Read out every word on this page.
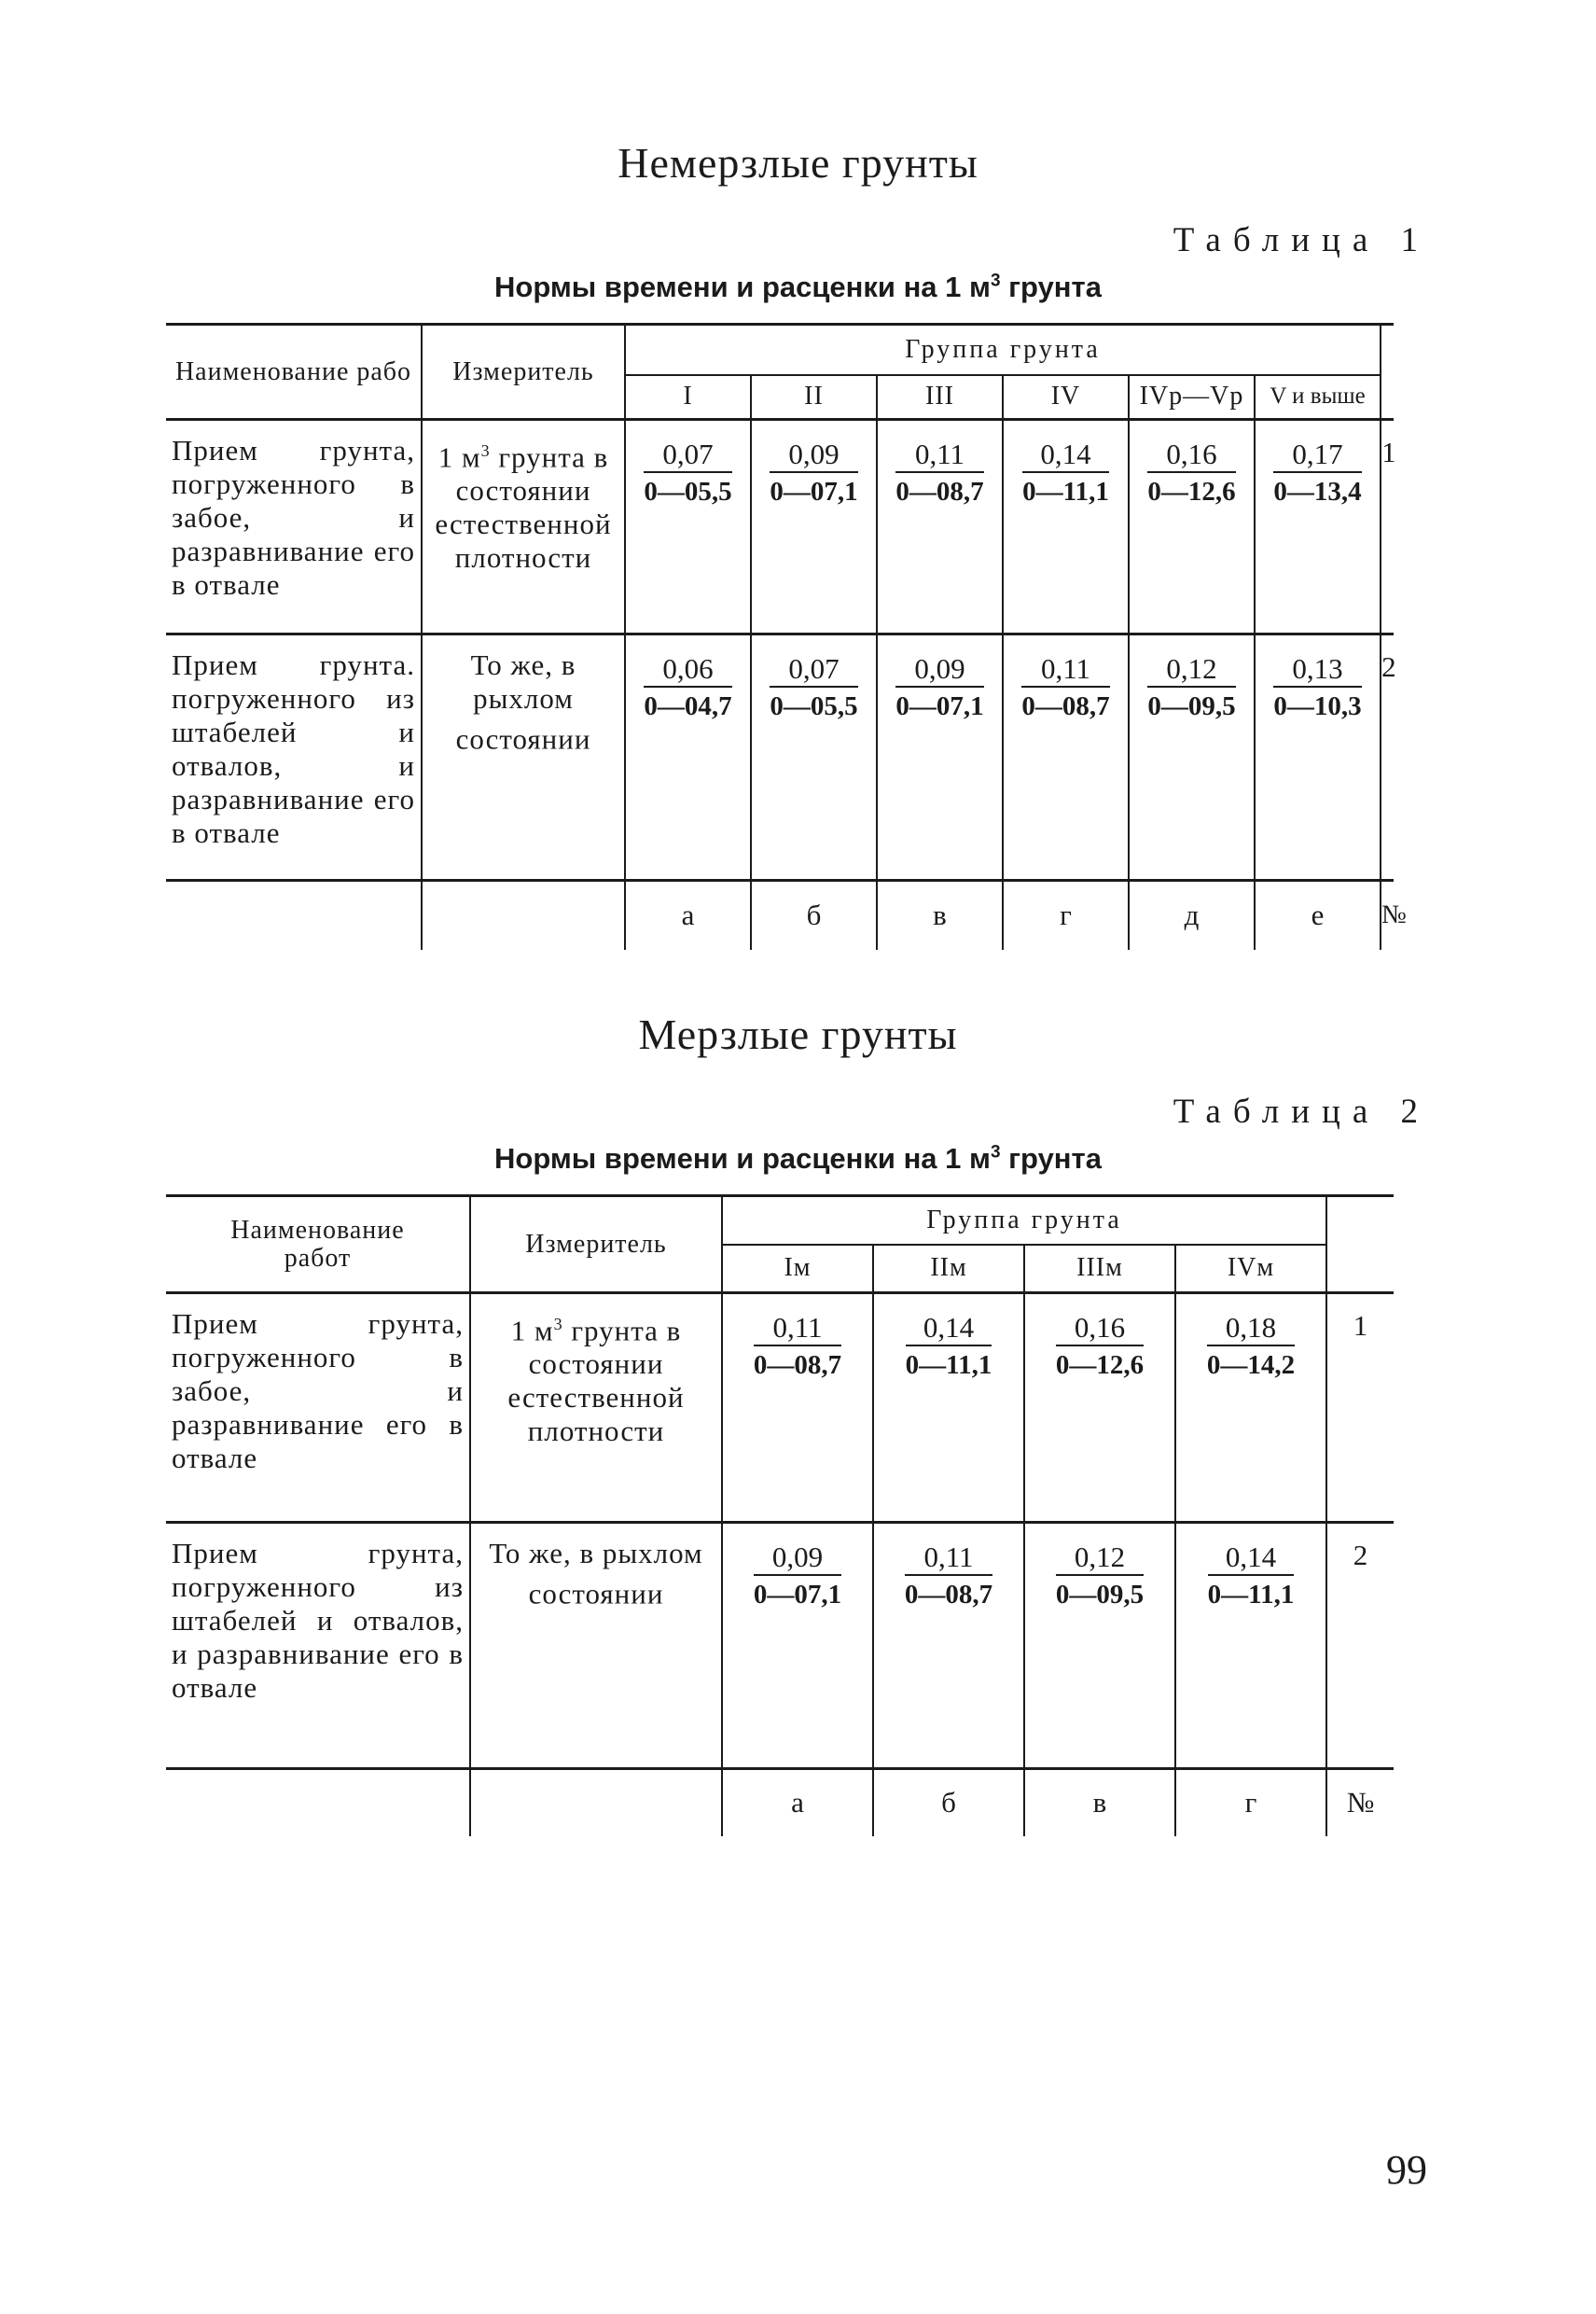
Немерзлые грунты
Таблица 1
Нормы времени и расценки на 1 $м^3$ грунта
Наименование рабо	Измеритель	Группа грунта						
		I	II	III	IV	IVр—Vр	V и выше	
Прием грунта, погруженного в забое, и разравнивание его в отвале	1 $м^3$ грунта в состоянии естественной плотности	$\frac{0,07}{0—05,5}$	$\frac{0,09}{0—07,1}$	$\frac{0,11}{0—08,7}$	$\frac{0,14}{0—11,1}$	$\frac{0,16}{0—12,6}$	$\frac{0,17}{0—13,4}$	1
Прием грунта. погруженного из штабелей и отвалов, и разравнивание его в отвале	То же, в рыхлом состоянии	$\frac{0,06}{0—04,7}$	$\frac{0,07}{0—05,5}$	$\frac{0,09}{0—07,1}$	$\frac{0,11}{0—08,7}$	$\frac{0,12}{0—09,5}$	$\frac{0,13}{0—10,3}$	2
		а	б	в	г	д	е	№
Мерзлые грунты
Таблица 2
Нормы времени и расценки на 1 $м^3$ грунта
Наименование работ	Измеритель	Группа грунта				
		Iм	IIм	IIIм	IVм	
Прием грунта, погруженного в забое, и разравнивание его в отвале	1 $м^3$ грунта в состоянии естественной плотности	$\frac{0,11}{0—08,7}$	$\frac{0,14}{0—11,1}$	$\frac{0,16}{0—12,6}$	$\frac{0,18}{0—14,2}$	1
Прием грунта, погруженного из штабелей и отвалов, и разравнивание его в отвале	То же, в рыхлом состоянии	$\frac{0,09}{0—07,1}$	$\frac{0,11}{0—08,7}$	$\frac{0,12}{0—09,5}$	$\frac{0,14}{0—11,1}$	2
		а	б	в	г	№
99
